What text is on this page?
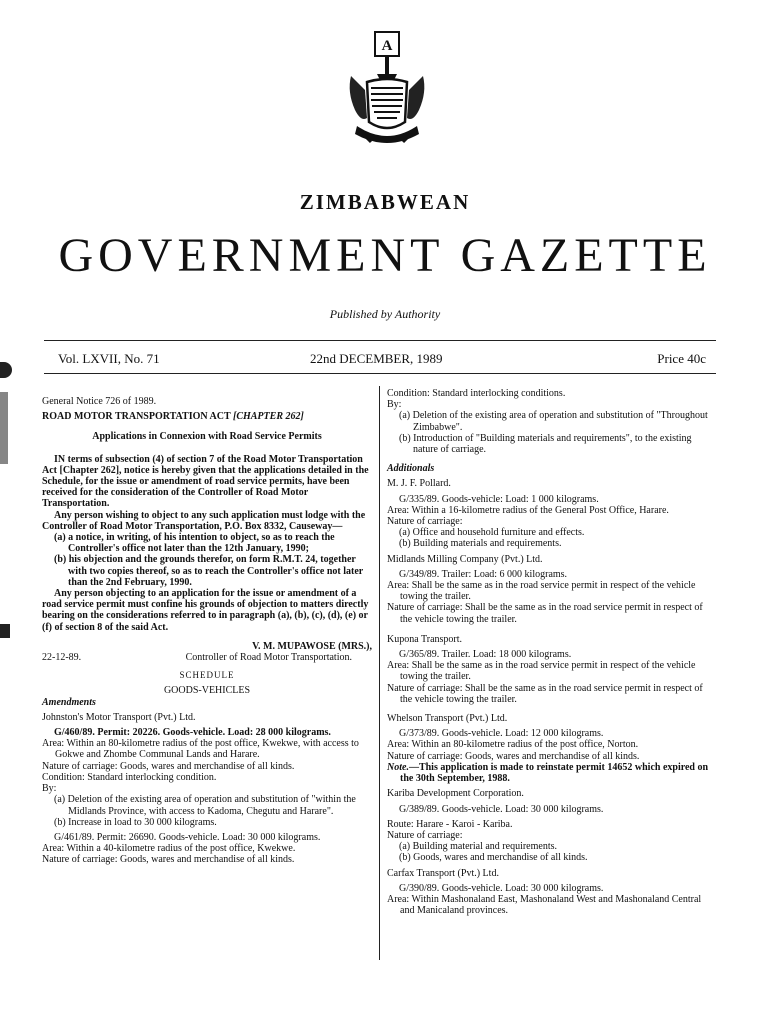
A
ZIMBABWEAN
GOVERNMENT GAZETTE
Published by Authority
Vol. LXVII, No. 71	22nd DECEMBER, 1989	Price 40c

General Notice 726 of 1989.

ROAD MOTOR TRANSPORTATION ACT [CHAPTER 262]

Applications in Connexion with Road Service Permits

IN terms of subsection (4) of section 7 of the Road Motor Transportation Act [Chapter 262], notice is hereby given that the applications detailed in the Schedule, for the issue or amendment of road service permits, have been received for the consideration of the Controller of Road Motor Transportation.

Any person wishing to object to any such application must lodge with the Controller of Road Motor Transportation, P.O. Box 8332, Causeway—

(a) a notice, in writing, of his intention to object, so as to reach the Controller's office not later than the 12th January, 1990;

(b) his objection and the grounds therefor, on form R.M.T. 24, together with two copies thereof, so as to reach the Controller's office not later than the 2nd February, 1990.

Any person objecting to an application for the issue or amendment of a road service permit must confine his grounds of objection to matters directly bearing on the considerations referred to in paragraph (a), (b), (c), (d), (e) or (f) of section 8 of the said Act.

V. M. MUPAWOSE (MRS.),

22-12-89.	Controller of Road Motor Transportation.

SCHEDULE

GOODS-VEHICLES

Amendments

Johnston's Motor Transport (Pvt.) Ltd.

G/460/89. Permit: 20226. Goods-vehicle. Load: 28 000 kilograms.

Area: Within an 80-kilometre radius of the post office, Kwekwe, with access to Gokwe and Zhombe Communal Lands and Harare.

Nature of carriage: Goods, wares and merchandise of all kinds.

Condition: Standard interlocking condition.

By:

(a) Deletion of the existing area of operation and substitution of "within the Midlands Province, with access to Kadoma, Chegutu and Harare".

(b) Increase in load to 30 000 kilograms.

G/461/89. Permit: 26690. Goods-vehicle. Load: 30 000 kilograms.

Area: Within a 40-kilometre radius of the post office, Kwekwe.

Nature of carriage: Goods, wares and merchandise of all kinds.

Condition: Standard interlocking conditions.

By:

(a) Deletion of the existing area of operation and substitution of "Throughout Zimbabwe".

(b) Introduction of "Building materials and requirements", to the existing nature of carriage.

Additionals

M. J. F. Pollard.

G/335/89. Goods-vehicle: Load: 1 000 kilograms.

Area: Within a 16-kilometre radius of the General Post Office, Harare.

Nature of carriage:

(a) Office and household furniture and effects.

(b) Building materials and requirements.

Midlands Milling Company (Pvt.) Ltd.

G/349/89. Trailer: Load: 6 000 kilograms.

Area: Shall be the same as in the road service permit in respect of the vehicle towing the trailer.

Nature of carriage: Shall be the same as in the road service permit in respect of the vehicle towing the trailer.

Kupona Transport.

G/365/89. Trailer. Load: 18 000 kilograms.

Area: Shall be the same as in the road service permit in respect of the vehicle towing the trailer.

Nature of carriage: Shall be the same as in the road service permit in respect of the vehicle towing the trailer.

Whelson Transport (Pvt.) Ltd.

G/373/89. Goods-vehicle. Load: 12 000 kilograms.

Area: Within an 80-kilometre radius of the post office, Norton.

Nature of carriage: Goods, wares and merchandise of all kinds.

Note.—This application is made to reinstate permit 14652 which expired on the 30th September, 1988.

Kariba Development Corporation.

G/389/89. Goods-vehicle. Load: 30 000 kilograms.

Route: Harare - Karoi - Kariba.

Nature of carriage:

(a) Building material and requirements.

(b) Goods, wares and merchandise of all kinds.

Carfax Transport (Pvt.) Ltd.

G/390/89. Goods-vehicle. Load: 30 000 kilograms.

Area: Within Mashonaland East, Mashonaland West and Mashonaland Central and Manicaland provinces.
